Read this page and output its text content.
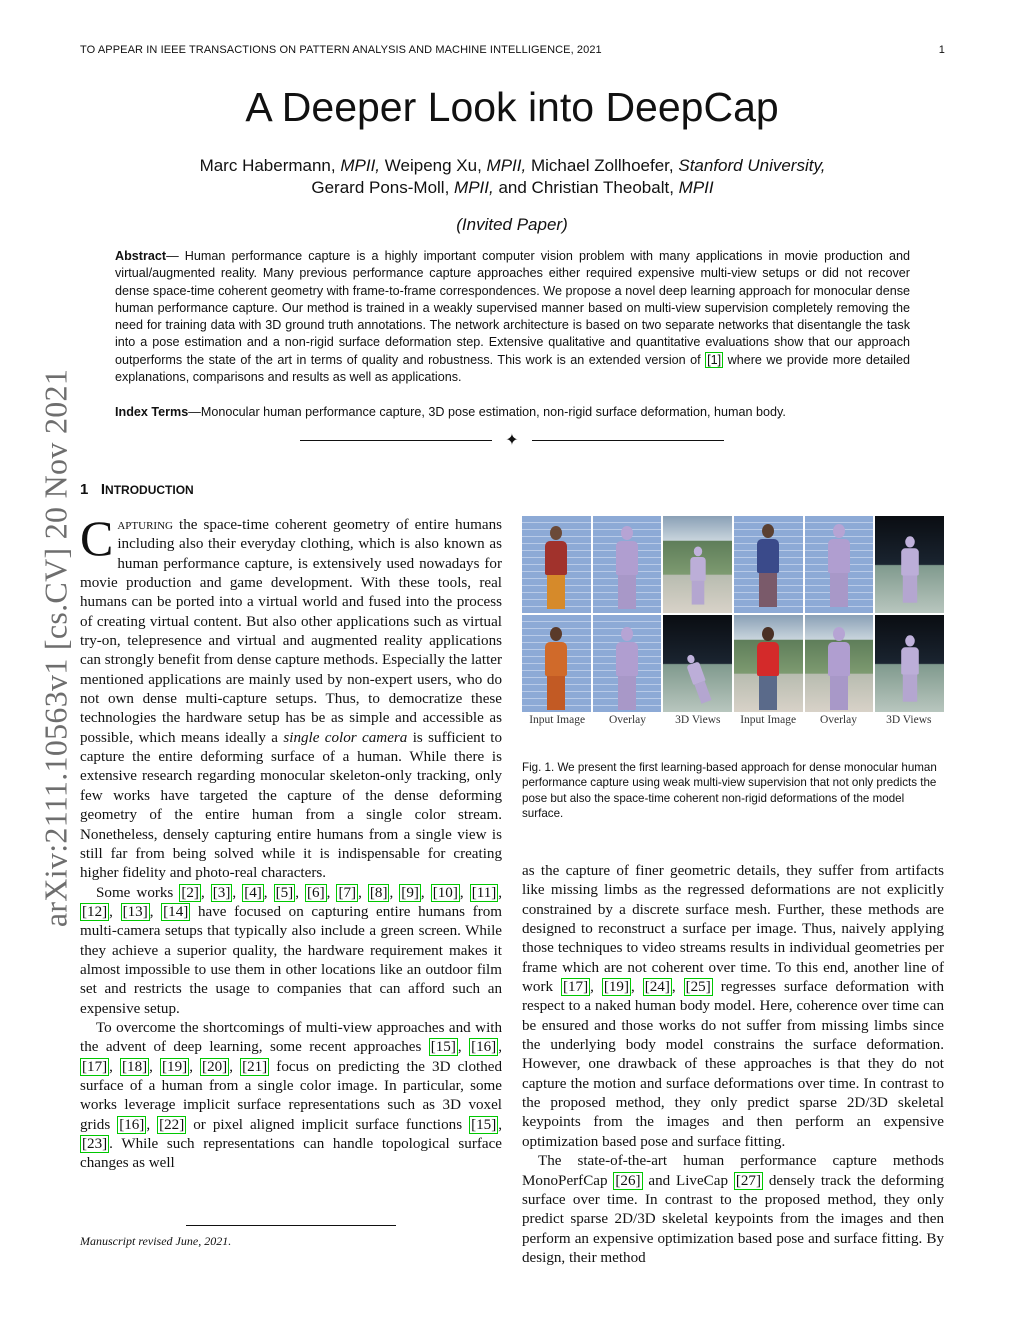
TO APPEAR IN IEEE TRANSACTIONS ON PATTERN ANALYSIS AND MACHINE INTELLIGENCE, 2021	1
arXiv:2111.10563v1 [cs.CV] 20 Nov 2021
A Deeper Look into DeepCap
Marc Habermann, MPII, Weipeng Xu, MPII, Michael Zollhoefer, Stanford University,
Gerard Pons-Moll, MPII, and Christian Theobalt, MPII
(Invited Paper)
Abstract— Human performance capture is a highly important computer vision problem with many applications in movie production and virtual/augmented reality. Many previous performance capture approaches either required expensive multi-view setups or did not recover dense space-time coherent geometry with frame-to-frame correspondences. We propose a novel deep learning approach for monocular dense human performance capture. Our method is trained in a weakly supervised manner based on multi-view supervision completely removing the need for training data with 3D ground truth annotations. The network architecture is based on two separate networks that disentangle the task into a pose estimation and a non-rigid surface deformation step. Extensive qualitative and quantitative evaluations show that our approach outperforms the state of the art in terms of quality and robustness. This work is an extended version of [1] where we provide more detailed explanations, comparisons and results as well as applications.
Index Terms—Monocular human performance capture, 3D pose estimation, non-rigid surface deformation, human body.
✦
1 INTRODUCTION

Capturing the space-time coherent geometry of entire humans including also their everyday clothing, which is also known as human performance capture, is extensively used nowadays for movie production and game development. With these tools, real humans can be ported into a virtual world and fused into the process of creating virtual content. But also other applications such as virtual try-on, telepresence and virtual and augmented reality applications can strongly benefit from dense capture methods. Especially the latter mentioned applications are mainly used by non-expert users, who do not own dense multi-capture setups. Thus, to democratize these technologies the hardware setup has be as simple and accessible as possible, which means ideally a single color camera is sufficient to capture the entire deforming surface of a human. While there is extensive research regarding monocular skeleton-only tracking, only few works have targeted the capture of the dense deforming geometry of the entire human from a single color stream. Nonetheless, densely capturing entire humans from a single view is still far from being solved while it is indispensable for creating higher fidelity and photo-real characters.

Some works [2] , [3] , [4] , [5] , [6] , [7] , [8] , [9] , [10] , [11] , [12] , [13] , [14] have focused on capturing entire humans from multi-camera setups that typically also include a green screen. While they achieve a superior quality, the hardware requirement makes it almost impossible to use them in other locations like an outdoor film set and restricts the usage to companies that can afford such an expensive setup.

To overcome the shortcomings of multi-view approaches and with the advent of deep learning, some recent approaches [15] , [16] , [17] , [18] , [19] , [20] , [21] focus on predicting the 3D clothed surface of a human from a single color image. In particular, some works leverage implicit surface representations such as 3D voxel grids [16] , [22] or pixel aligned implicit surface functions [15] , [23] . While such representations can handle topological surface changes as well

Input Image	Overlay	3D Views	Input Image	Overlay	3D Views
Fig. 1. We present the first learning-based approach for dense monocular human performance capture using weak multi-view supervision that not only predicts the pose but also the space-time coherent non-rigid deformations of the model surface.

as the capture of finer geometric details, they suffer from artifacts like missing limbs as the regressed deformations are not explicitly constrained by a discrete surface mesh. Further, these methods are designed to reconstruct a surface per image. Thus, naively applying those techniques to video streams results in individual geometries per frame which are not coherent over time. To this end, another line of work [17] , [19] , [24] , [25] regresses surface deformation with respect to a naked human body model. Here, coherence over time can be ensured and those works do not suffer from missing limbs since the underlying body model constrains the surface deformation. However, one drawback of these approaches is that they do not capture the motion and surface deformations over time. In contrast to the proposed method, they only predict sparse 2D/3D skeletal keypoints from the images and then perform an expensive optimization based pose and surface fitting.

The state-of-the-art human performance capture methods MonoPerfCap [26] and LiveCap [27] densely track the deforming surface over time. In contrast to the proposed method, they only predict sparse 2D/3D skeletal keypoints from the images and then perform an expensive optimization based pose and surface fitting. By design, their method

Manuscript revised June, 2021.
